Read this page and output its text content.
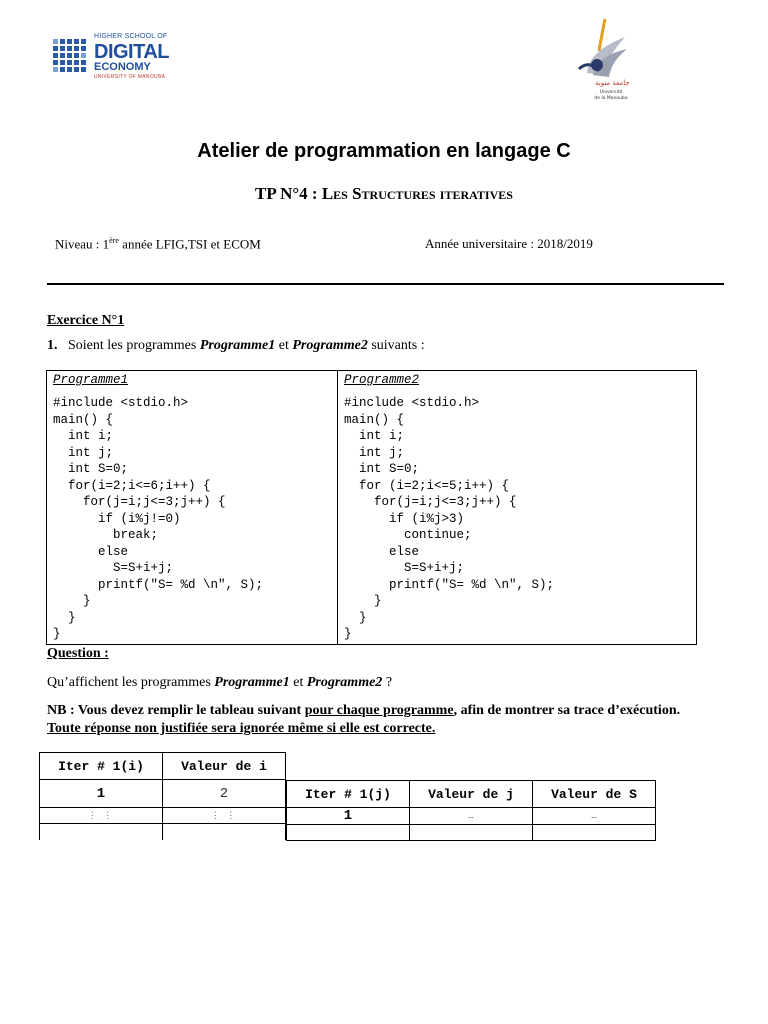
HIGHER SCHOOL OF
DIGITAL
ECONOMY
UNIVERSITY OF MANOUBA
جامعة منوبة
Université
de la Manouba
Atelier de programmation en langage C
TP N°4 : Les Structures iteratives
Niveau : 1ère année LFIG,TSI et ECOM	Année universitaire : 2018/2019
Exercice N°1
1. Soient les programmes Programme1 et Programme2 suivants :
Programme1
#include <stdio.h>
main() {
int i;
int j;
int S=0;
for(i=2;i<=6;i++) {
for(j=i;j<=3;j++) {
if (i%j!=0)
break;
else
S=S+i+j;
printf("S= %d \n", S);
}
}
}
Programme2
#include <stdio.h>
main() {
int i;
int j;
int S=0;
for (i=2;i<=5;i++) {
for(j=i;j<=3;j++) {
if (i%j>3)
continue;
else
S=S+i+j;
printf("S= %d \n", S);
}
}
}
Question :
Qu’affichent les programmes Programme1 et Programme2 ?
NB : Vous devez remplir le tableau suivant pour chaque programme, afin de montrer sa trace d’exécution. Toute réponse non justifiée sera ignorée même si elle est correcte.
Iter # 1(i)	Valeur de i
1	2
⋮ ⋮	⋮ ⋮

Iter # 1(j)	Valeur de j	Valeur de S
1	…	…
